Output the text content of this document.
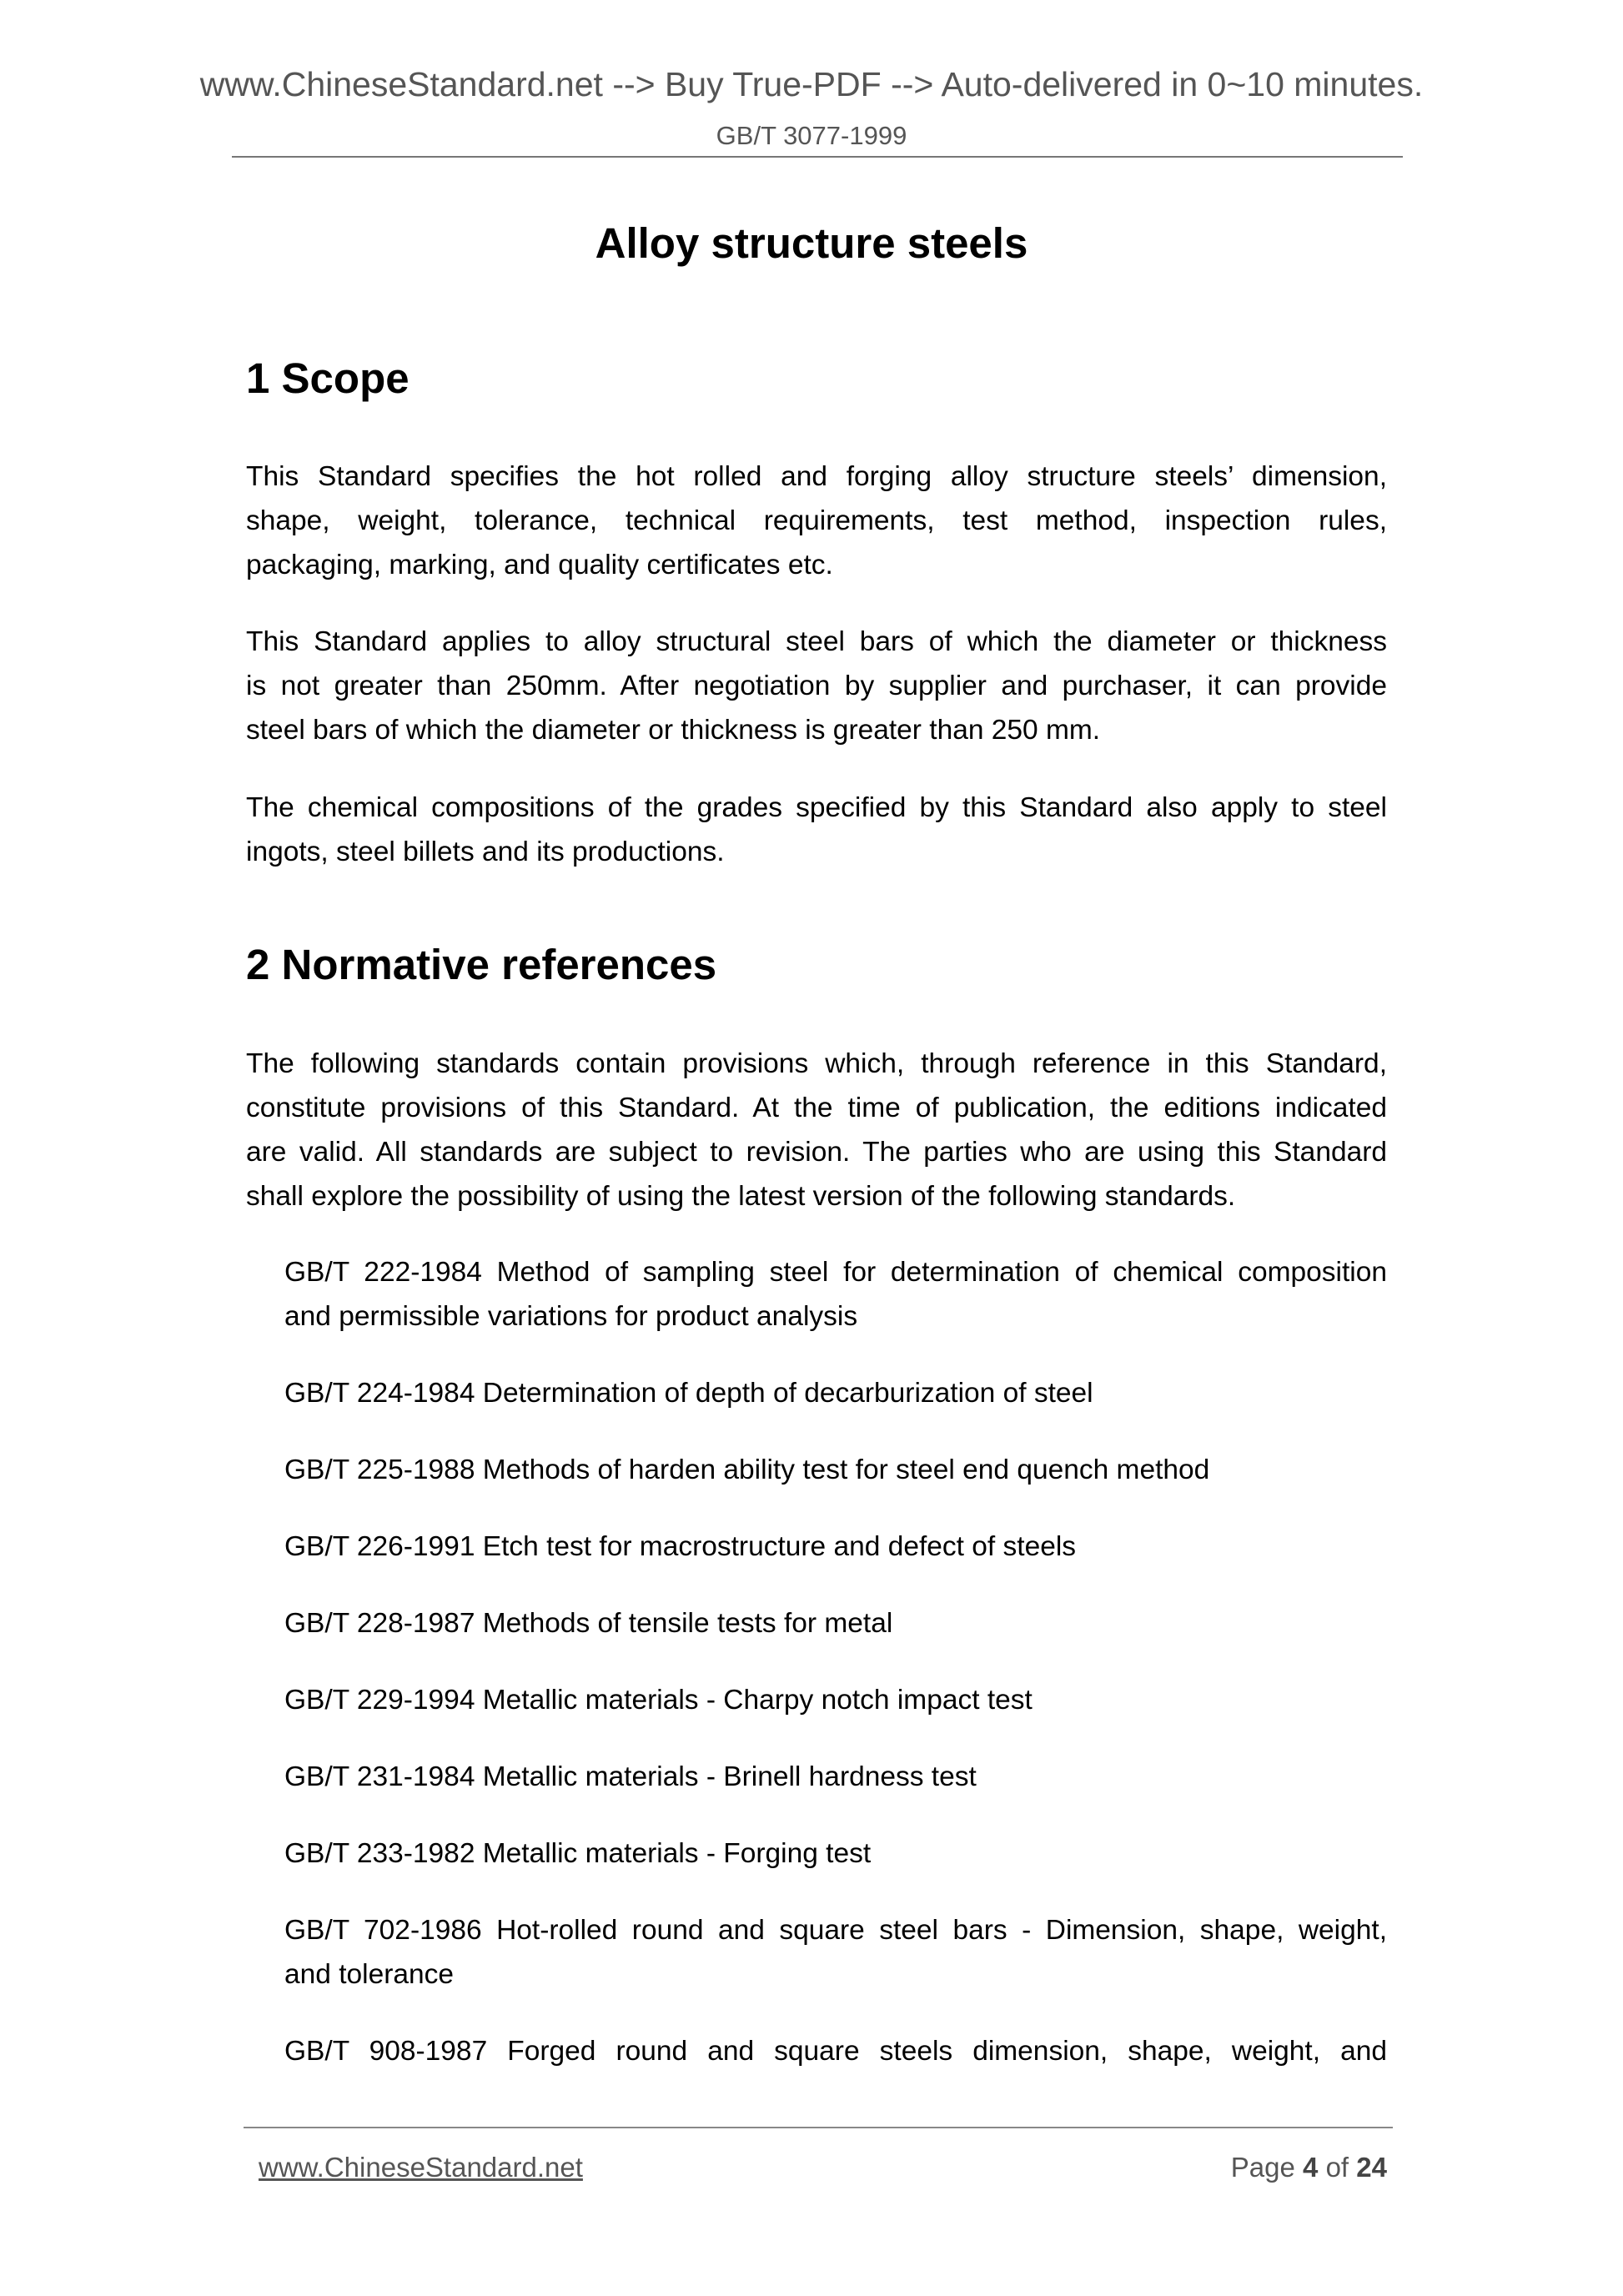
www.ChineseStandard.net --> Buy True-PDF --> Auto-delivered in 0~10 minutes.
GB/T 3077-1999
Alloy structure steels
1 Scope
This Standard specifies the hot rolled and forging alloy structure steels’ dimension,
shape, weight, tolerance, technical requirements, test method, inspection rules,
packaging, marking, and quality certificates etc.
This Standard applies to alloy structural steel bars of which the diameter or thickness
is not greater than 250mm. After negotiation by supplier and purchaser, it can provide
steel bars of which the diameter or thickness is greater than 250 mm.
The chemical compositions of the grades specified by this Standard also apply to steel
ingots, steel billets and its productions.
2 Normative references
The following standards contain provisions which, through reference in this Standard,
constitute provisions of this Standard. At the time of publication, the editions indicated
are valid. All standards are subject to revision. The parties who are using this Standard
shall explore the possibility of using the latest version of the following standards.
GB/T 222-1984 Method of sampling steel for determination of chemical composition
and permissible variations for product analysis
GB/T 224-1984 Determination of depth of decarburization of steel
GB/T 225-1988 Methods of harden ability test for steel end quench method
GB/T 226-1991 Etch test for macrostructure and defect of steels
GB/T 228-1987 Methods of tensile tests for metal
GB/T 229-1994 Metallic materials - Charpy notch impact test
GB/T 231-1984 Metallic materials - Brinell hardness test
GB/T 233-1982 Metallic materials - Forging test
GB/T 702-1986 Hot-rolled round and square steel bars - Dimension, shape, weight,
and tolerance
GB/T 908-1987 Forged round and square steels dimension, shape, weight, and
www.ChineseStandard.net	Page 4 of 24
